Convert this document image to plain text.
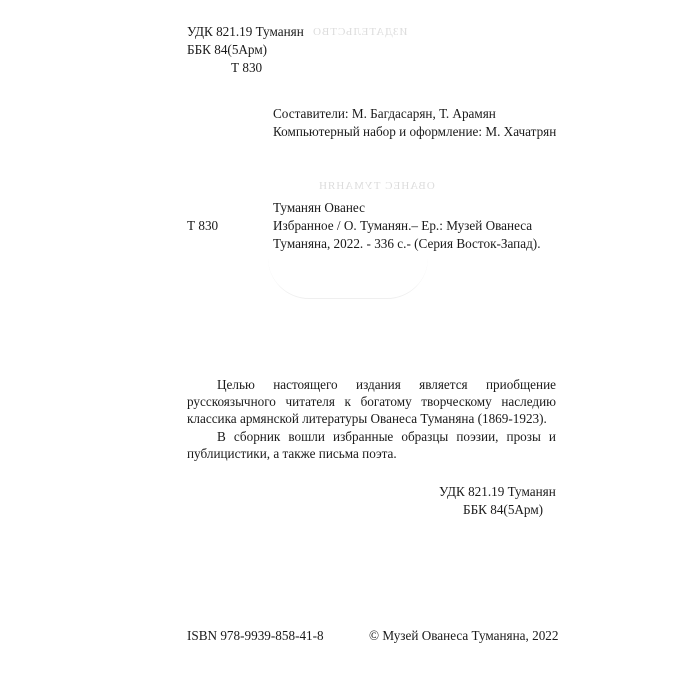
ИЗДАТЕЛЬСТВО
ОВАНЕС ТУМАНЯН
УДК 821.19 Туманян
ББК 84(5Арм)
Т 830
Составители: М. Багдасарян, Т. Арамян
Компьютерный набор и оформление: М. Хачатрян
Туманян Ованес
Т 830	Избранное / О. Туманян.– Ер.: Музей Ованеса
Туманяна, 2022. - 336 с.- (Серия Восток-Запад).

Целью настоящего издания является приобщение русскоязычного читателя к богатому творческому наследию классика армянской литературы Ованеса Туманяна (1869-1923).

В сборник вошли избранные образцы поэзии, прозы и публицистики, а также письма поэта.

УДК 821.19 Туманян
ББК 84(5Арм)
ISBN 978-9939-858-41-8	© Музей Ованеса Туманяна, 2022
